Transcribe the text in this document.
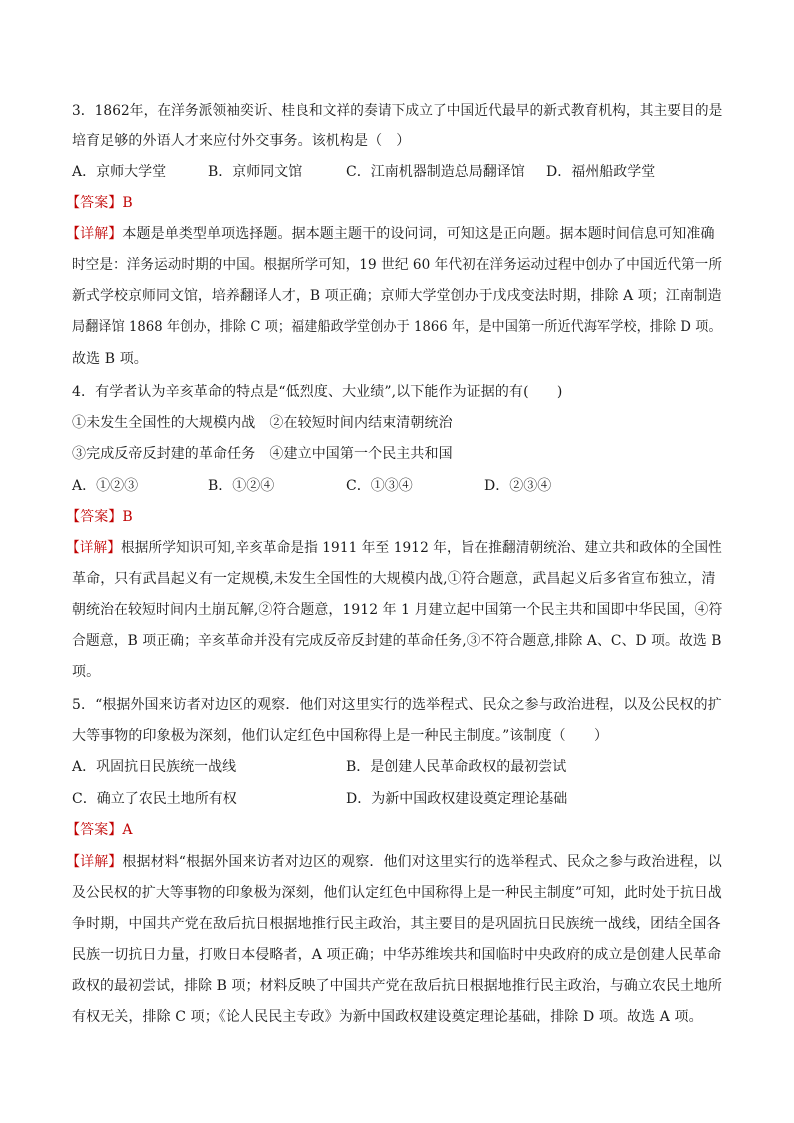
3．1862年，在洋务派领袖奕䜣、桂良和文祥的奏请下成立了中国近代最早的新式教育机构，其主要目的是
培育足够的外语人才来应付外交事务。该机构是（　）
A．京师大学堂	B．京师同文馆	C．江南机器制造总局翻译馆 D．福州船政学堂
【答案】B
【详解】本题是单类型单项选择题。据本题主题干的设问词，可知这是正向题。据本题时间信息可知准确
时空是：洋务运动时期的中国。根据所学可知，19 世纪 60 年代初在洋务运动过程中创办了中国近代第一所
新式学校京师同文馆，培养翻译人才，B 项正确；京师大学堂创办于戊戌变法时期，排除 A 项；江南制造
局翻译馆 1868 年创办，排除 C 项；福建船政学堂创办于 1866 年，是中国第一所近代海军学校，排除 D 项。
故选 B 项。
4．有学者认为辛亥革命的特点是“低烈度、大业绩”,以下能作为证据的有(　　)
①未发生全国性的大规模内战　②在较短时间内结束清朝统治
③完成反帝反封建的革命任务　④建立中国第一个民主共和国
A．①②③	B．①②④	C．①③④	D．②③④
【答案】B
【详解】根据所学知识可知,辛亥革命是指 1911 年至 1912 年，旨在推翻清朝统治、建立共和政体的全国性
革命，只有武昌起义有一定规模,未发生全国性的大规模内战,①符合题意，武昌起义后多省宣布独立，清
朝统治在较短时间内土崩瓦解,②符合题意，1912 年 1 月建立起中国第一个民主共和国即中华民国，④符
合题意，B 项正确；辛亥革命并没有完成反帝反封建的革命任务,③不符合题意,排除 A、C、D 项。故选 B
项。
5．“根据外国来访者对边区的观察．他们对这里实行的选举程式、民众之参与政治进程，以及公民权的扩
大等事物的印象极为深刻，他们认定红色中国称得上是一种民主制度。”该制度（　　）
A．巩固抗日民族统一战线	B．是创建人民革命政权的最初尝试
C．确立了农民土地所有权	D．为新中国政权建设奠定理论基础
【答案】A
【详解】根据材料“根据外国来访者对边区的观察．他们对这里实行的选举程式、民众之参与政治进程，以
及公民权的扩大等事物的印象极为深刻，他们认定红色中国称得上是一种民主制度”可知，此时处于抗日战
争时期，中国共产党在敌后抗日根据地推行民主政治，其主要目的是巩固抗日民族统一战线，团结全国各
民族一切抗日力量，打败日本侵略者，A 项正确；中华苏维埃共和国临时中央政府的成立是创建人民革命
政权的最初尝试，排除 B 项；材料反映了中国共产党在敌后抗日根据地推行民主政治，与确立农民土地所
有权无关，排除 C 项；《论人民民主专政》为新中国政权建设奠定理论基础，排除 D 项。故选 A 项。
